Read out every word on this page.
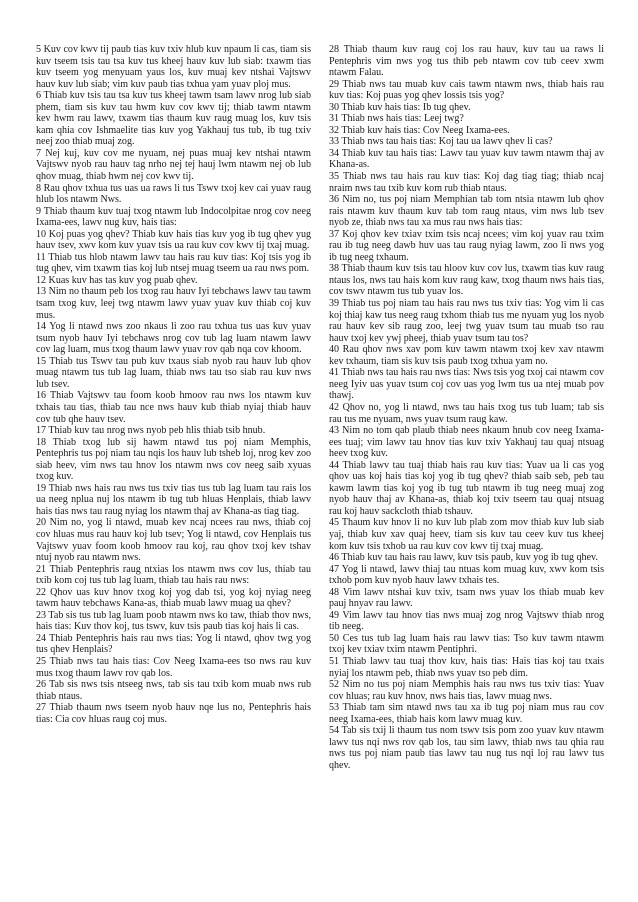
5 Kuv cov kwv tij paub tias kuv txiv hlub kuv npaum li cas, tiam sis kuv tseem tsis tau tsa kuv tus kheej hauv kuv lub siab: txawm tias kuv tseem yog menyuam yaus los, kuv muaj kev ntshai Vajtswv hauv kuv lub siab; vim kuv paub tias txhua yam yuav ploj mus.

6 Thiab kuv tsis tau tsa kuv tus kheej tawm tsam lawv nrog lub siab phem, tiam sis kuv tau hwm kuv cov kwv tij; thiab tawm ntawm kev hwm rau lawv, txawm tias thaum kuv raug muag los, kuv tsis kam qhia cov Ishmaelite tias kuv yog Yakhauj tus tub, ib tug txiv neej zoo thiab muaj zog.

7 Nej kuj, kuv cov me nyuam, nej puas muaj kev ntshai ntawm Vajtswv nyob rau hauv tag nrho nej tej hauj lwm ntawm nej ob lub qhov muag, thiab hwm nej cov kwv tij.

8 Rau qhov txhua tus uas ua raws li tus Tswv txoj kev cai yuav raug hlub los ntawm Nws.

9 Thiab thaum kuv tuaj txog ntawm lub Indocolpitae nrog cov neeg Ixama-ees, lawv nug kuv, hais tias:

10 Koj puas yog qhev? Thiab kuv hais tias kuv yog ib tug qhev yug hauv tsev, xwv kom kuv yuav tsis ua rau kuv cov kwv tij txaj muag.

11 Thiab tus hlob ntawm lawv tau hais rau kuv tias: Koj tsis yog ib tug qhev, vim txawm tias koj lub ntsej muag tseem ua rau nws pom.

12 Kuas kuv has tas kuv yog puab qhev.

13 Nim no thaum peb los txog rau hauv Iyi tebchaws lawv tau tawm tsam txog kuv, leej twg ntawm lawv yuav yuav kuv thiab coj kuv mus.

14 Yog li ntawd nws zoo nkaus li zoo rau txhua tus uas kuv yuav tsum nyob hauv Iyi tebchaws nrog cov tub lag luam ntawm lawv cov lag luam, mus txog thaum lawv yuav rov qab nqa cov khoom.

15 Thiab tus Tswv tau pub kuv txaus siab nyob rau hauv lub qhov muag ntawm tus tub lag luam, thiab nws tau tso siab rau kuv nws lub tsev.

16 Thiab Vajtswv tau foom koob hmoov rau nws los ntawm kuv txhais tau tias, thiab tau nce nws hauv kub thiab nyiaj thiab hauv cov tub qhe hauv tsev.

17 Thiab kuv tau nrog nws nyob peb hlis thiab tsib hnub.

18 Thiab txog lub sij hawm ntawd tus poj niam Memphis, Pentephris tus poj niam tau nqis los hauv lub tsheb loj, nrog kev zoo siab heev, vim nws tau hnov los ntawm nws cov neeg saib xyuas txog kuv.

19 Thiab nws hais rau nws tus txiv tias tus tub lag luam tau rais los ua neeg nplua nuj los ntawm ib tug tub hluas Henplais, thiab lawv hais tias nws tau raug nyiag los ntawm thaj av Khana-as tiag tiag.

20 Nim no, yog li ntawd, muab kev ncaj ncees rau nws, thiab coj cov hluas mus rau hauv koj lub tsev; Yog li ntawd, cov Henplais tus Vajtswv yuav foom koob hmoov rau koj, rau qhov txoj kev tshav ntuj nyob rau ntawm nws.

21 Thiab Pentephris raug ntxias los ntawm nws cov lus, thiab tau txib kom coj tus tub lag luam, thiab tau hais rau nws:

22 Qhov uas kuv hnov txog koj yog dab tsi, yog koj nyiag neeg tawm hauv tebchaws Kana-as, thiab muab lawv muag ua qhev?

23 Tab sis tus tub lag luam poob ntawm nws ko taw, thiab thov nws, hais tias: Kuv thov koj, tus tswv, kuv tsis paub tias koj hais li cas.

24 Thiab Pentephris hais rau nws tias: Yog li ntawd, qhov twg yog tus qhev Henplais?

25 Thiab nws tau hais tias: Cov Neeg Ixama-ees tso nws rau kuv mus txog thaum lawv rov qab los.

26 Tab sis nws tsis ntseeg nws, tab sis tau txib kom muab nws rub thiab ntaus.

27 Thiab thaum nws tseem nyob hauv nqe lus no, Pentephris hais tias: Cia cov hluas raug coj mus.

28 Thiab thaum kuv raug coj los rau hauv, kuv tau ua raws li Pentephris vim nws yog tus thib peb ntawm cov tub ceev xwm ntawm Falau.

29 Thiab nws tau muab kuv cais tawm ntawm nws, thiab hais rau kuv tias: Koj puas yog qhev lossis tsis yog?

30 Thiab kuv hais tias: Ib tug qhev.

31 Thiab nws hais tias: Leej twg?

32 Thiab kuv hais tias: Cov Neeg Ixama-ees.

33 Thiab nws tau hais tias: Koj tau ua lawv qhev li cas?

34 Thiab kuv tau hais tias: Lawv tau yuav kuv tawm ntawm thaj av Khana-as.

35 Thiab nws tau hais rau kuv tias: Koj dag tiag tiag; thiab ncaj nraim nws tau txib kuv kom rub thiab ntaus.

36 Nim no, tus poj niam Memphian tab tom ntsia ntawm lub qhov rais ntawm kuv thaum kuv tab tom raug ntaus, vim nws lub tsev nyob ze, thiab nws tau xa mus rau nws hais tias:

37 Koj qhov kev txiav txim tsis ncaj ncees; vim koj yuav rau txim rau ib tug neeg dawb huv uas tau raug nyiag lawm, zoo li nws yog ib tug neeg txhaum.

38 Thiab thaum kuv tsis tau hloov kuv cov lus, txawm tias kuv raug ntaus los, nws tau hais kom kuv raug kaw, txog thaum nws hais tias, cov tswv ntawm tus tub yuav los.

39 Thiab tus poj niam tau hais rau nws tus txiv tias: Yog vim li cas koj thiaj kaw tus neeg raug txhom thiab tus me nyuam yug los nyob rau hauv kev sib raug zoo, leej twg yuav tsum tau muab tso rau hauv txoj kev ywj pheej, thiab yuav tsum tau tos?

40 Rau qhov nws xav pom kuv tawm ntawm txoj kev xav ntawm kev txhaum, tiam sis kuv tsis paub txog txhua yam no.

41 Thiab nws tau hais rau nws tias: Nws tsis yog txoj cai ntawm cov neeg Iyiv uas yuav tsum coj cov uas yog lwm tus ua ntej muab pov thawj.

42 Qhov no, yog li ntawd, nws tau hais txog tus tub luam; tab sis rau tus me nyuam, nws yuav tsum raug kaw.

43 Nim no tom qab plaub thiab nees nkaum hnub cov neeg Ixama-ees tuaj; vim lawv tau hnov tias kuv txiv Yakhauj tau quaj ntsuag heev txog kuv.

44 Thiab lawv tau tuaj thiab hais rau kuv tias: Yuav ua li cas yog qhov uas koj hais tias koj yog ib tug qhev? thiab saib seb, peb tau kawm lawm tias koj yog ib tug tub ntawm ib tug neeg muaj zog nyob hauv thaj av Khana-as, thiab koj txiv tseem tau quaj ntsuag rau koj hauv sackcloth thiab tshauv.

45 Thaum kuv hnov li no kuv lub plab zom mov thiab kuv lub siab yaj, thiab kuv xav quaj heev, tiam sis kuv tau ceev kuv tus kheej kom kuv tsis txhob ua rau kuv cov kwv tij txaj muag.

46 Thiab kuv tau hais rau lawv, kuv tsis paub, kuv yog ib tug qhev.

47 Yog li ntawd, lawv thiaj tau ntuas kom muag kuv, xwv kom tsis txhob pom kuv nyob hauv lawv txhais tes.

48 Vim lawv ntshai kuv txiv, tsam nws yuav los thiab muab kev pauj hnyav rau lawv.

49 Vim lawv tau hnov tias nws muaj zog nrog Vajtswv thiab nrog tib neeg.

50 Ces tus tub lag luam hais rau lawv tias: Tso kuv tawm ntawm txoj kev txiav txim ntawm Pentiphri.

51 Thiab lawv tau tuaj thov kuv, hais tias: Hais tias koj tau txais nyiaj los ntawm peb, thiab nws yuav tso peb dim.

52 Nim no tus poj niam Memphis hais rau nws tus txiv tias: Yuav cov hluas; rau kuv hnov, nws hais tias, lawv muag nws.

53 Thiab tam sim ntawd nws tau xa ib tug poj niam mus rau cov neeg Ixama-ees, thiab hais kom lawv muag kuv.

54 Tab sis txij li thaum tus nom tswv tsis pom zoo yuav kuv ntawm lawv tus nqi nws rov qab los, tau sim lawv, thiab nws tau qhia rau nws tus poj niam paub tias lawv tau nug tus nqi loj rau lawv tus qhev.
